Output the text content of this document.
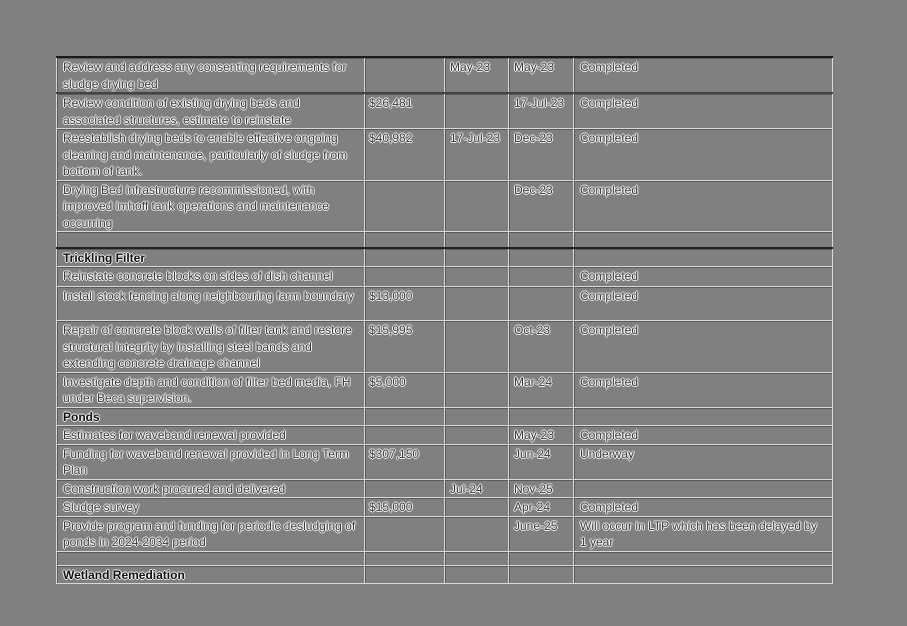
Review and address any consenting requirements for sludge drying bed		May-23	May-23	Completed
Review condition of existing drying beds and associated structures, estimate to reinstate	$26,481		17-Jul-23	Completed
Reestablish drying beds to enable effective ongoing cleaning and maintenance, particularly of sludge from bottom of tank.	$40,982	17-Jul-23	Dec-23	Completed
Drying Bed infrastructure recommissioned, with improved imhoff tank operations and maintenance occurring			Dec-23	Completed

Trickling Filter				
Reinstate concrete blocks on sides of dish channel				Completed
Install stock fencing along neighbouring farm boundary	$13,000			Completed
Repair of concrete block walls of filter tank and restore structural integrity by installing steel bands and extending concrete drainage channel	$15,995		Oct-23	Completed
Investigate depth and condition of filter bed media, FH under Beca supervision.	$5,000		Mar-24	Completed
Ponds				
Estimates for waveband renewal provided			May-23	Completed
Funding for waveband renewal provided in Long Term Plan	$307,150		Jun-24	Underway
Construction work procured and delivered		Jul-24	Nov-25	
Sludge survey	$15,000		Apr-24	Completed
Provide program and funding for periodic desludging of ponds in 2024-2034 period			June-25	Will occur in LTP which has been delayed by 1 year

Wetland Remediation				
